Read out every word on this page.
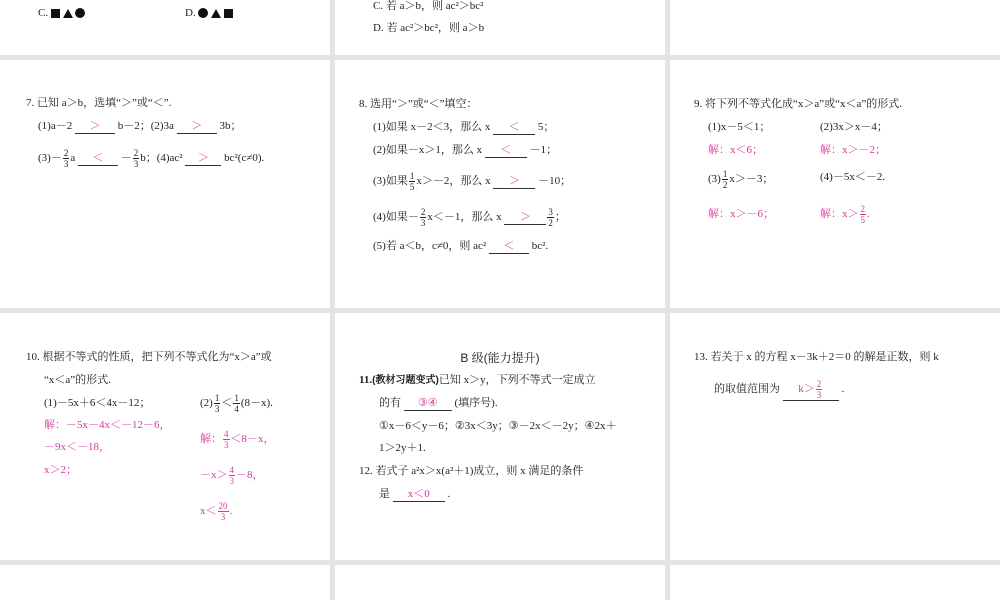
C.	D.
C. 若 a＞b，则 ac²＞bc²
D. 若 ac²＞bc²，则 a＞b
7. 已知 a＞b，选填“＞”或“＜”.
(1)a－2 ＞ b－2；(2)3a ＞ 3b；
$(3)- \frac{2}{3}$ a ＜ － $\frac{2}{3}$ b；(4)ac² ＞ bc²(c≠0).
8. 选用“＞”或“＜”填空：
(1)如果 x－2＜3，那么 x ＜ 5；
(2)如果－x＞1，那么 x ＜ －1；
(3)如果 $\frac{1}{5} x>-2$，那么 x ＞ －10；
(4)如果－ $\frac{2}{3} x<-1$，那么 $x > \frac{3}{2}$ ；
(5)若 a＜b，c≠0，则 ac² ＜ bc².
9. 将下列不等式化成“x＞a”或“x＜a”的形式.
(1)x－5＜1；	(2)3x＞x－4；
解：x＜6；	解：x＞－2；
$(3) \frac{1}{2} x>-3$；	(4)－5x＜－2.
解：x＞－6；	解：$x> \frac{2}{5}$ .
10. 根据不等式的性质，把下列不等式化为“x＞a”或
“x＜a”的形式.
(1)－5x＋6＜4x－12；	$(2) \frac{1}{3} < \frac{1}{4} (8-x)$.
解：－5x－4x＜－12－6，
－9x＜－18，
x＞2；
解： $\frac{4}{3} <8-x$，
$-x> \frac{4}{3} -8$，
$x< \frac{20}{3}$ .
B 级(能力提升)
11.(教材习题变式)已知 x＞y，下列不等式一定成立
的有 ③④ (填序号).
①x－6＜y－6；②3x＜3y；③－2x＜－2y；④2x＋
1＞2y＋1.
12. 若式子 a²x＞x(a²＋1)成立，则 x 满足的条件
是 x＜0 .
13. 若关于 x 的方程 x－3k＋2＝0 的解是正数，则 k
的取值范围为 $k> \frac{2}{3}$ .
